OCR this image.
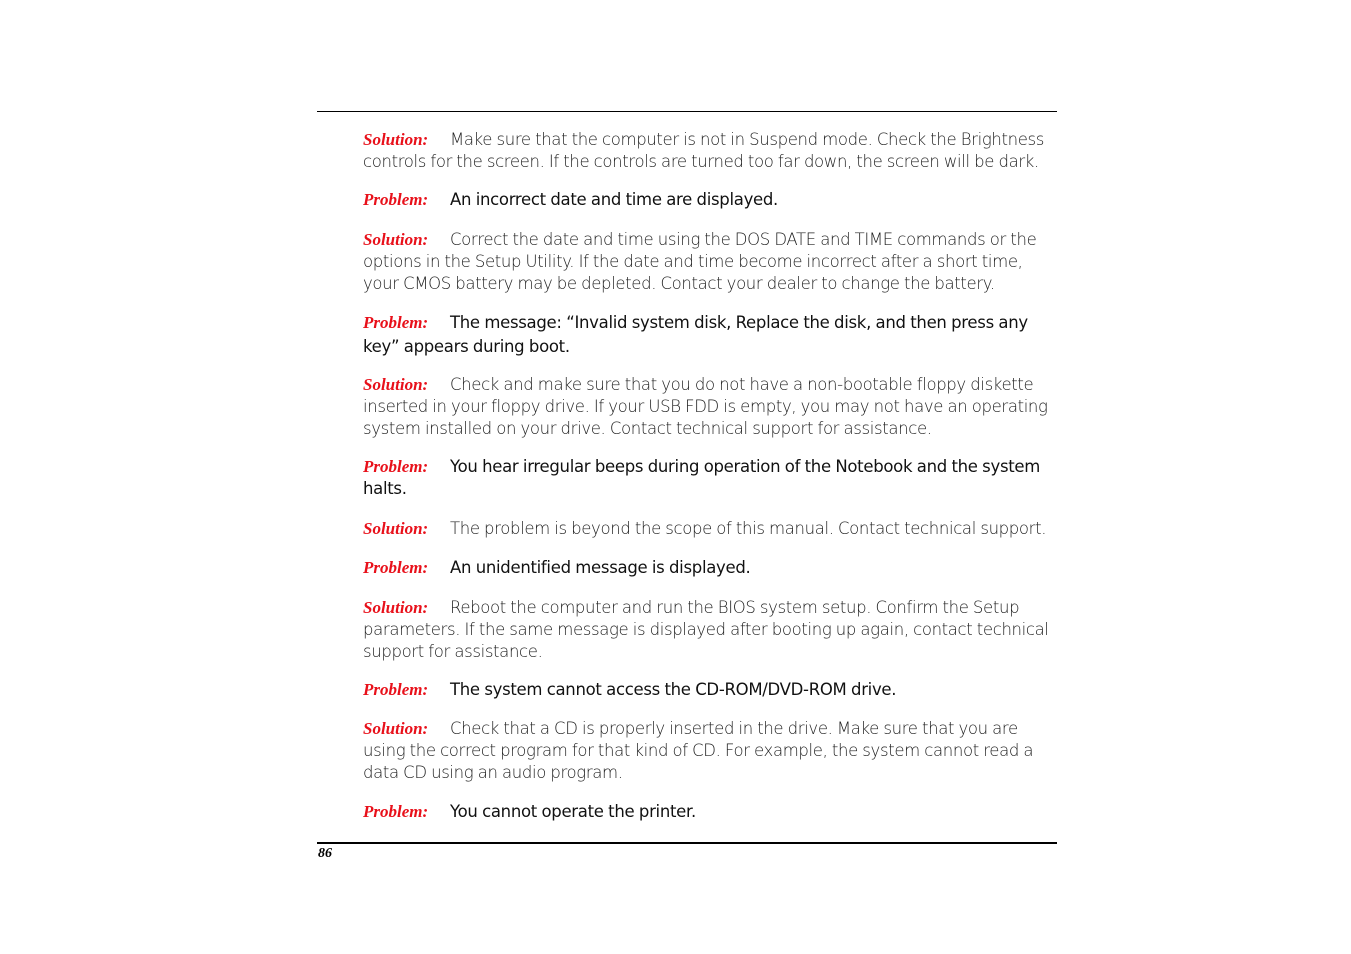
Solution: Make sure that the computer is not in Suspend mode. Check the Brightness controls for the screen. If the controls are turned too far down, the screen will be dark.

Problem: An incorrect date and time are displayed.

Solution: Correct the date and time using the DOS DATE and TIME commands or the options in the Setup Utility. If the date and time become incorrect after a short time, your CMOS battery may be depleted. Contact your dealer to change the battery.

Problem: The message: “Invalid system disk, Replace the disk, and then press any key” appears during boot.

Solution: Check and make sure that you do not have a non-bootable floppy diskette inserted in your floppy drive. If your USB FDD is empty, you may not have an operating system installed on your drive. Contact technical support for assistance.

Problem: You hear irregular beeps during operation of the Notebook and the system halts.

Solution: The problem is beyond the scope of this manual. Contact technical support.

Problem: An unidentified message is displayed.

Solution: Reboot the computer and run the BIOS system setup. Confirm the Setup parameters. If the same message is displayed after booting up again, contact technical support for assistance.

Problem: The system cannot access the CD-ROM/DVD-ROM drive.

Solution: Check that a CD is properly inserted in the drive. Make sure that you are using the correct program for that kind of CD. For example, the system cannot read a data CD using an audio program.

Problem: You cannot operate the printer.

86
